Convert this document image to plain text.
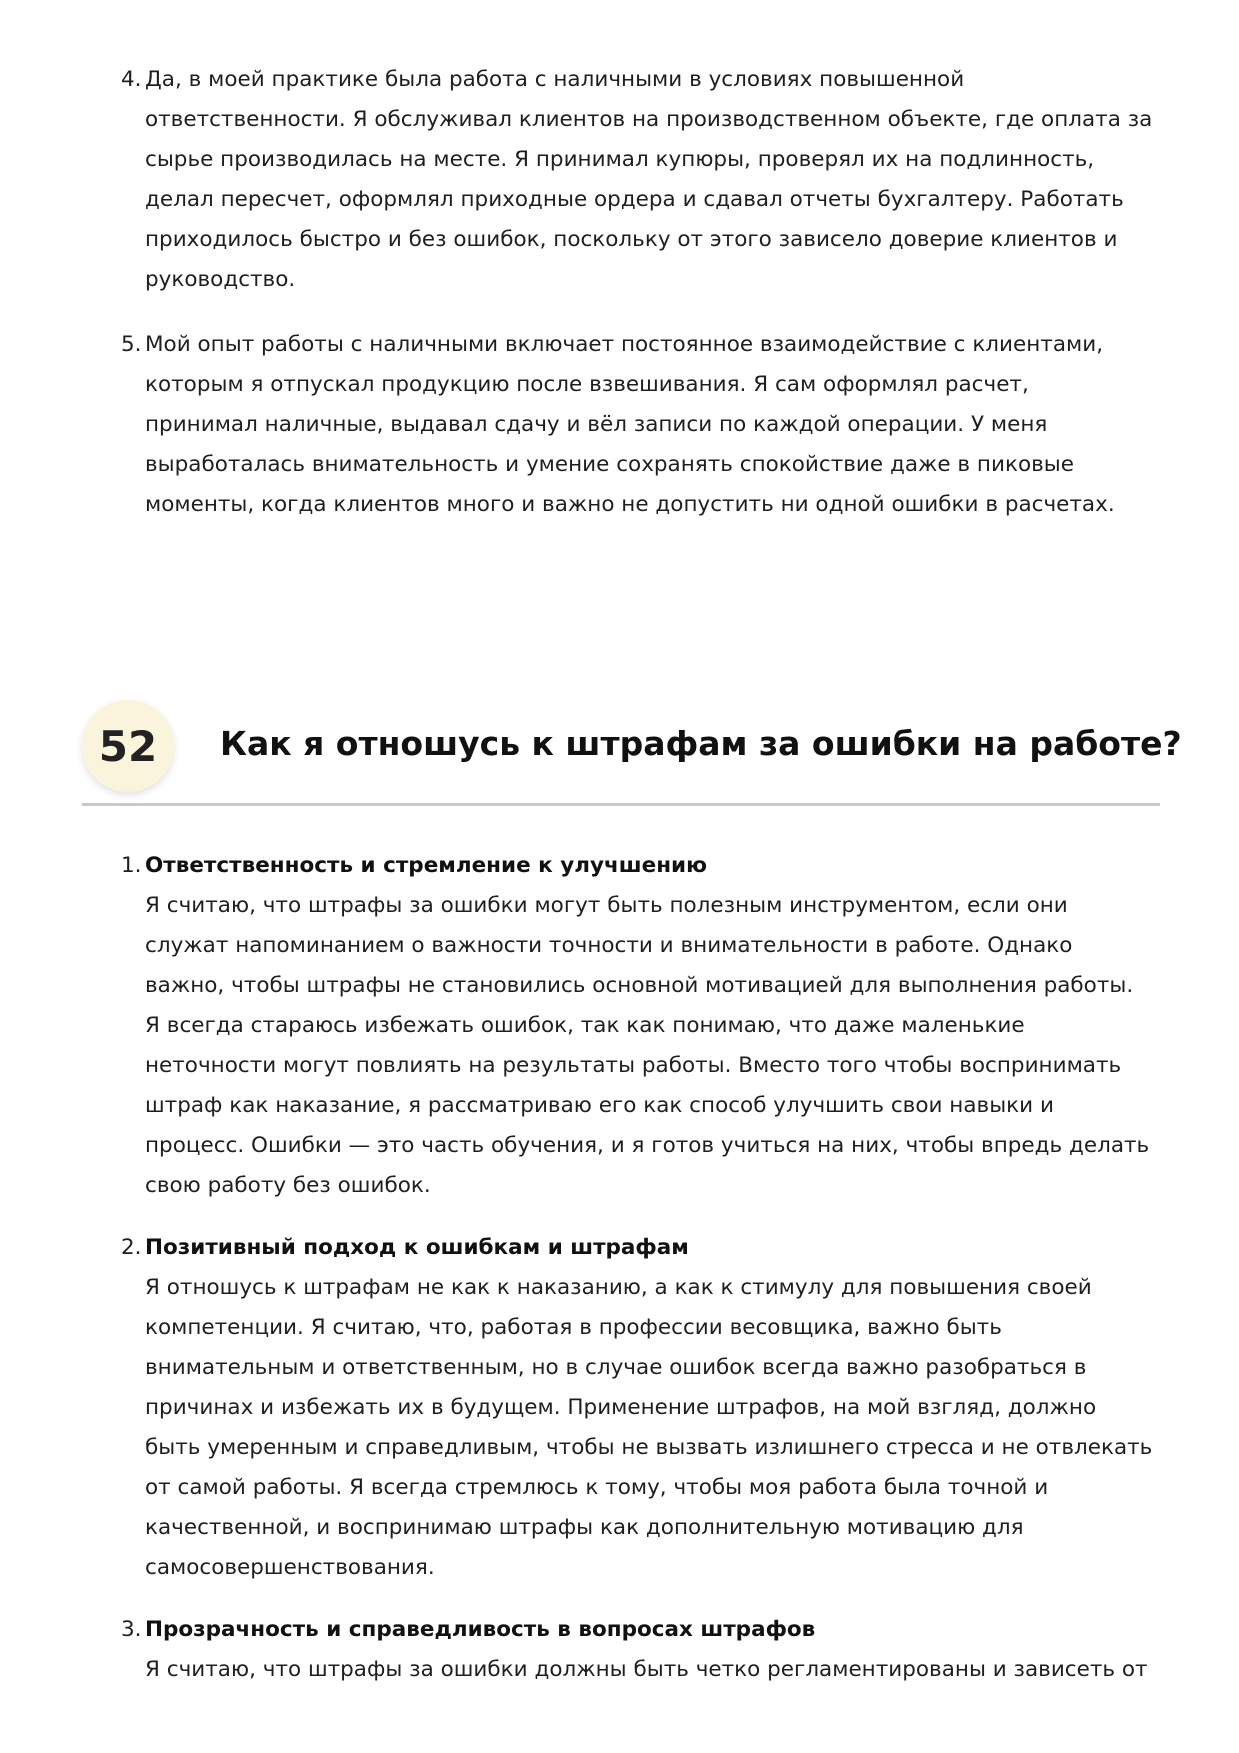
4. Да, в моей практике была работа с наличными в условиях повышенной
ответственности. Я обслуживал клиентов на производственном объекте, где оплата за
сырье производилась на месте. Я принимал купюры, проверял их на подлинность,
делал пересчет, оформлял приходные ордера и сдавал отчеты бухгалтеру. Работать
приходилось быстро и без ошибок, поскольку от этого зависело доверие клиентов и
руководство.

5. Мой опыт работы с наличными включает постоянное взаимодействие с клиентами,
которым я отпускал продукцию после взвешивания. Я сам оформлял расчет,
принимал наличные, выдавал сдачу и вёл записи по каждой операции. У меня
выработалась внимательность и умение сохранять спокойствие даже в пиковые
моменты, когда клиентов много и важно не допустить ни одной ошибки в расчетах.

52	Как я отношусь к штрафам за ошибки на работе?
1. Ответственность и стремление к улучшению

Я считаю, что штрафы за ошибки могут быть полезным инструментом, если они
служат напоминанием о важности точности и внимательности в работе. Однако
важно, чтобы штрафы не становились основной мотивацией для выполнения работы.
Я всегда стараюсь избежать ошибок, так как понимаю, что даже маленькие
неточности могут повлиять на результаты работы. Вместо того чтобы воспринимать
штраф как наказание, я рассматриваю его как способ улучшить свои навыки и
процесс. Ошибки — это часть обучения, и я готов учиться на них, чтобы впредь делать
свою работу без ошибок.

2. Позитивный подход к ошибкам и штрафам

Я отношусь к штрафам не как к наказанию, а как к стимулу для повышения своей
компетенции. Я считаю, что, работая в профессии весовщика, важно быть
внимательным и ответственным, но в случае ошибок всегда важно разобраться в
причинах и избежать их в будущем. Применение штрафов, на мой взгляд, должно
быть умеренным и справедливым, чтобы не вызвать излишнего стресса и не отвлекать
от самой работы. Я всегда стремлюсь к тому, чтобы моя работа была точной и
качественной, и воспринимаю штрафы как дополнительную мотивацию для
самосовершенствования.

3. Прозрачность и справедливость в вопросах штрафов

Я считаю, что штрафы за ошибки должны быть четко регламентированы и зависеть от
